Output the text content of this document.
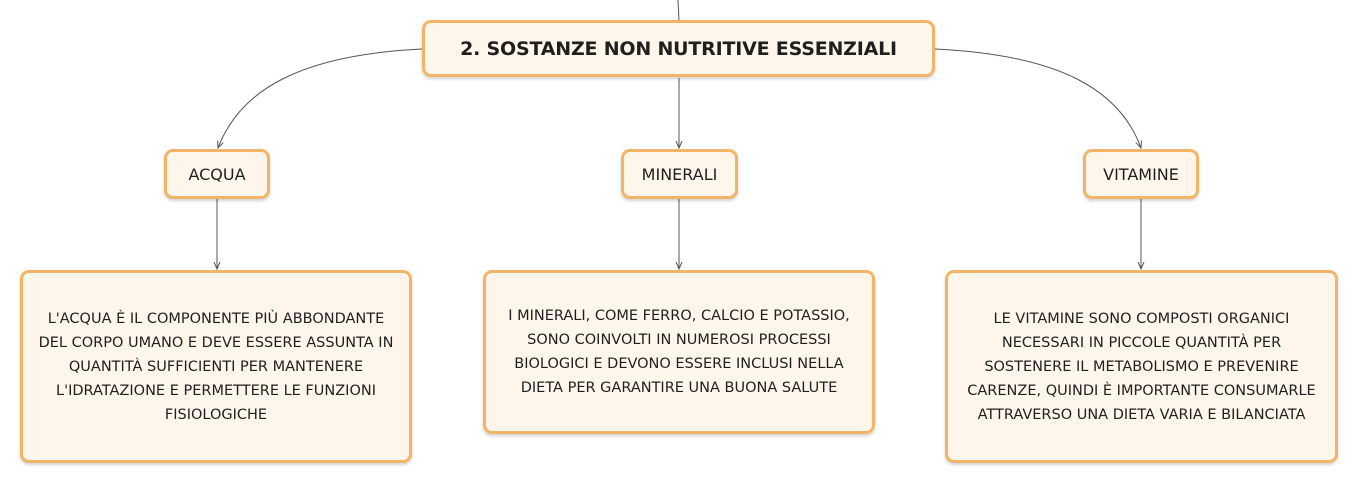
2. SOSTANZE NON NUTRITIVE ESSENZIALI
ACQUA	MINERALI	VITAMINE
L'ACQUA È IL COMPONENTE PIÙ ABBONDANTE DEL CORPO UMANO E DEVE ESSERE ASSUNTA IN QUANTITÀ SUFFICIENTI PER MANTENERE L'IDRATAZIONE E PERMETTERE LE FUNZIONI FISIOLOGICHE
I MINERALI, COME FERRO, CALCIO E POTASSIO, SONO COINVOLTI IN NUMEROSI PROCESSI BIOLOGICI E DEVONO ESSERE INCLUSI NELLA DIETA PER GARANTIRE UNA BUONA SALUTE
LE VITAMINE SONO COMPOSTI ORGANICI NECESSARI IN PICCOLE QUANTITÀ PER SOSTENERE IL METABOLISMO E PREVENIRE CARENZE, QUINDI È IMPORTANTE CONSUMARLE ATTRAVERSO UNA DIETA VARIA E BILANCIATA
